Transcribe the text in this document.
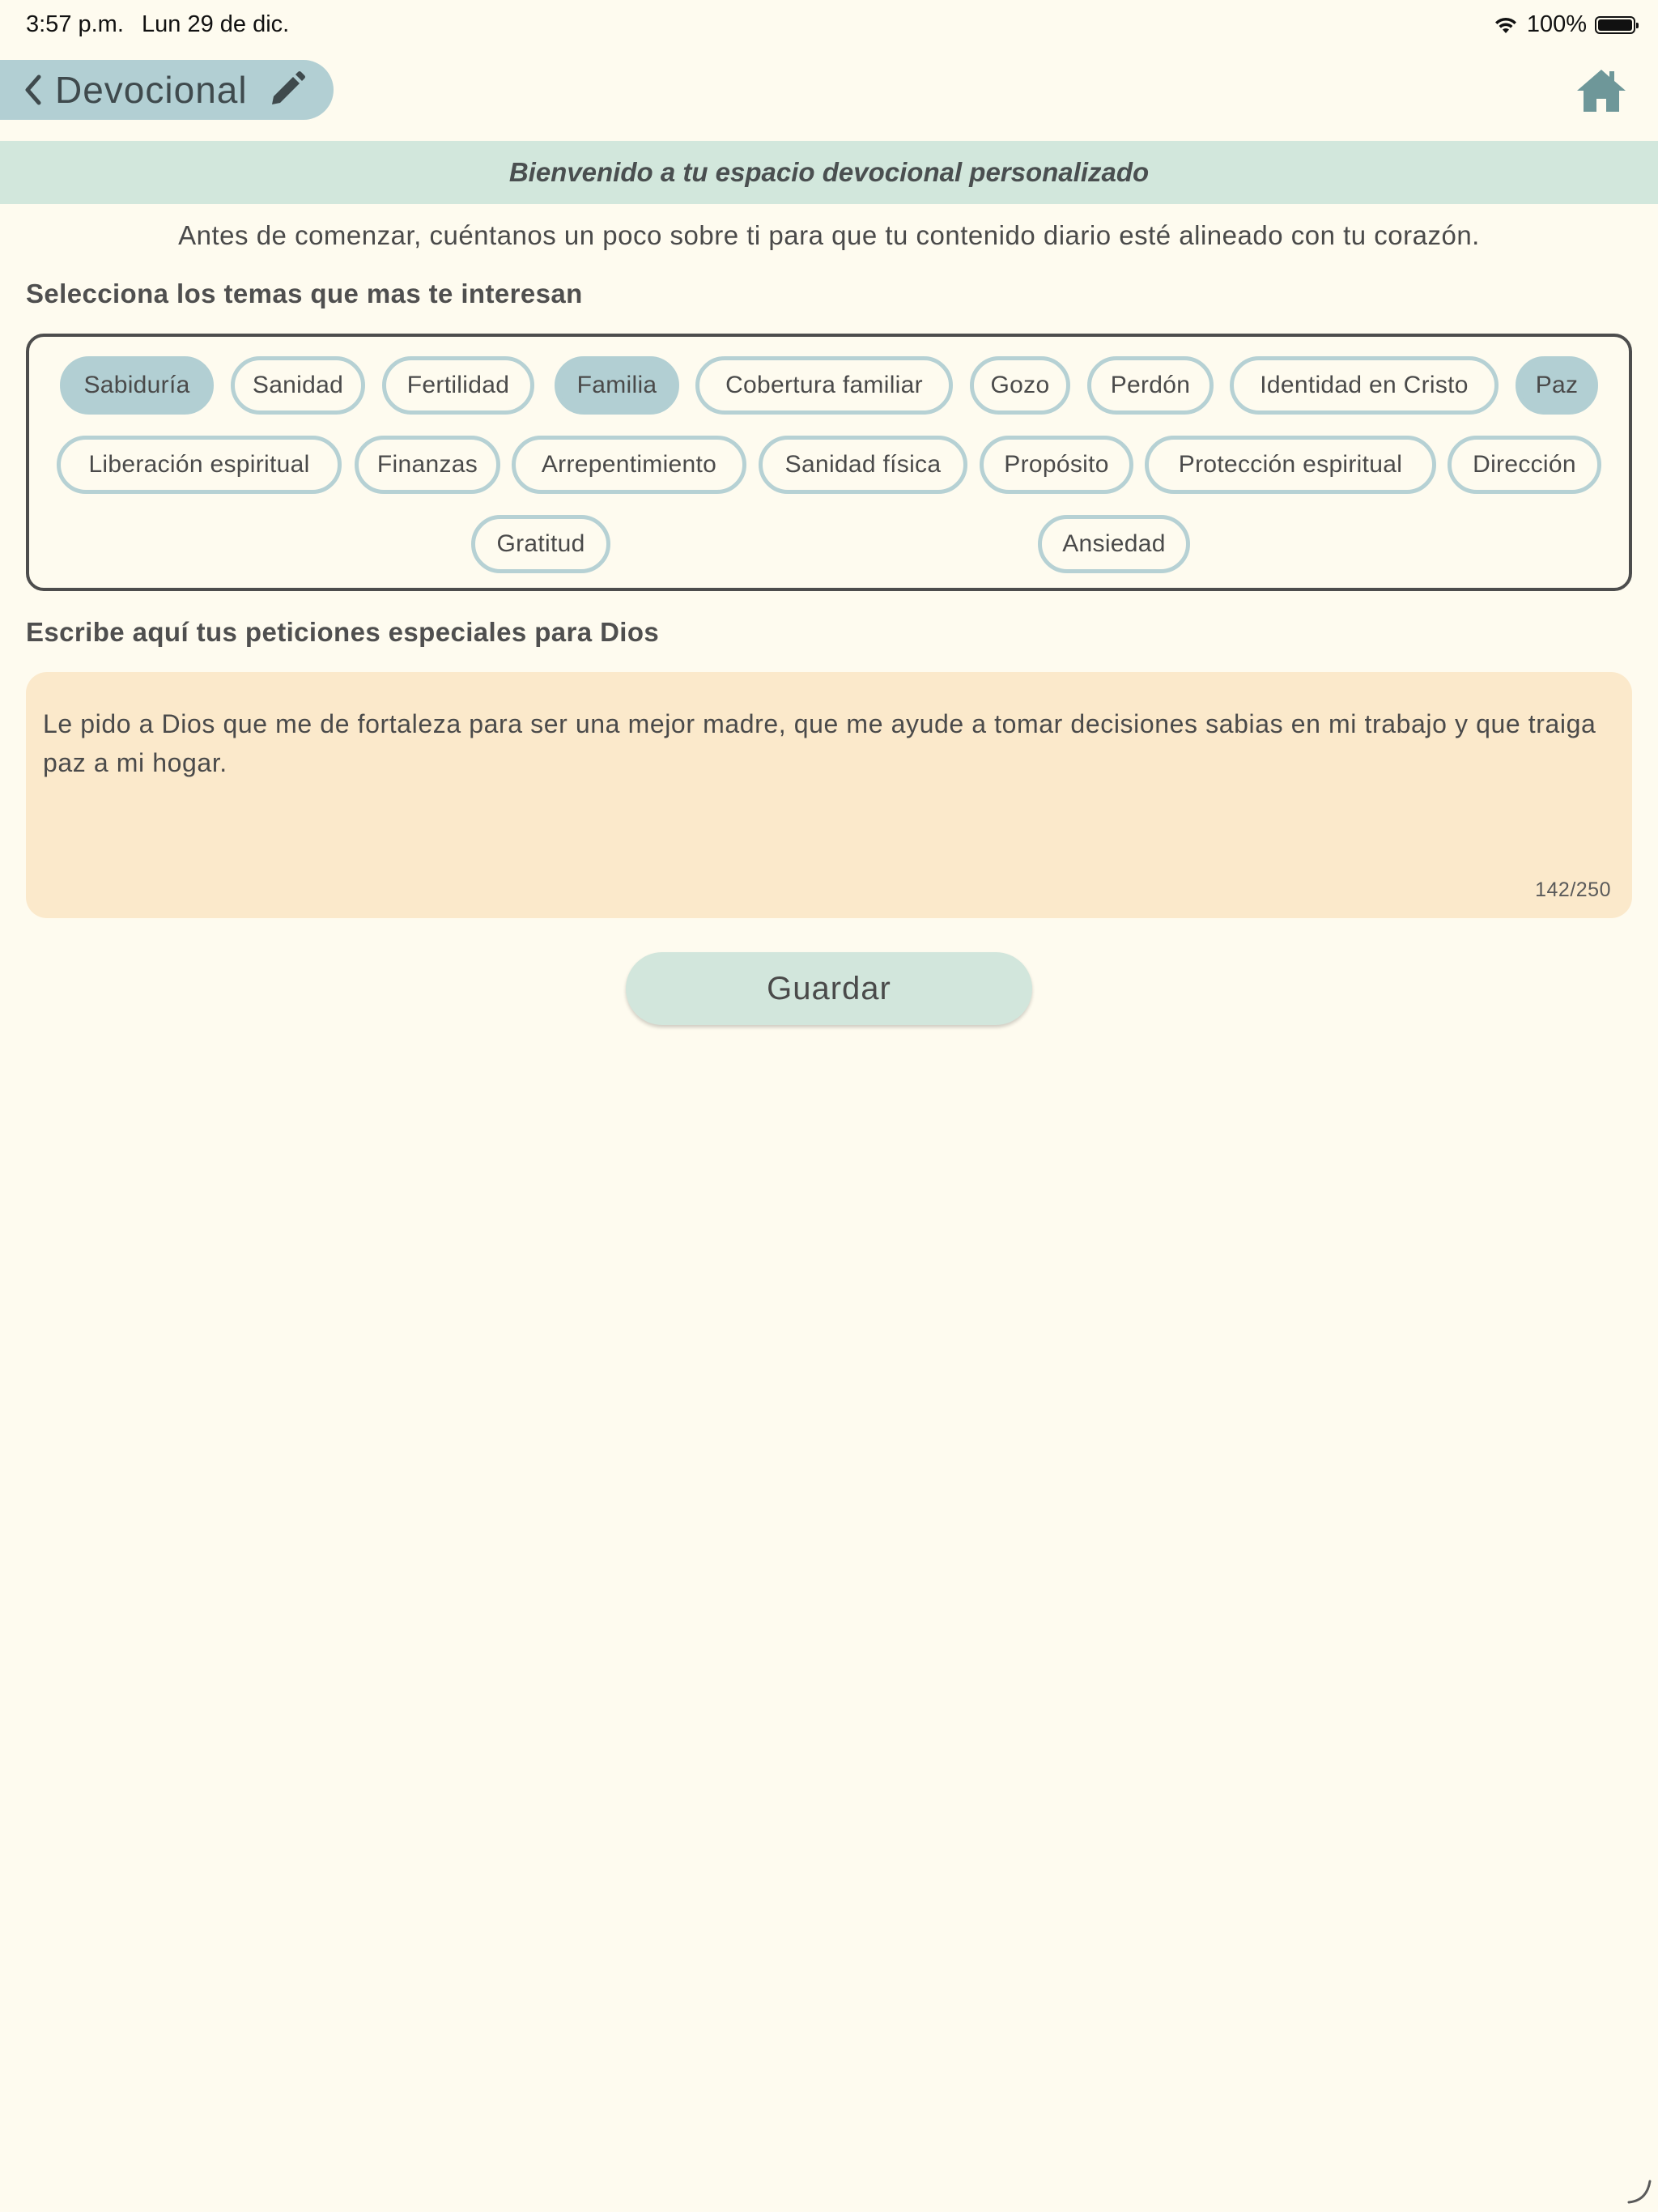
3:57 p.m. Lun 29 de dic.	100%
Devocional
Bienvenido a tu espacio devocional personalizado
Antes de comenzar, cuéntanos un poco sobre ti para que tu contenido diario esté alineado con tu corazón.
Selecciona los temas que mas te interesan
Sabiduría	Sanidad	Fertilidad	Familia	Cobertura familiar	Gozo	Perdón	Identidad en Cristo	Paz
Liberación espiritual	Finanzas	Arrepentimiento	Sanidad física	Propósito	Protección espiritual	Dirección
Gratitud	Ansiedad
Escribe aquí tus peticiones especiales para Dios
Le pido a Dios que me de fortaleza para ser una mejor madre, que me ayude a tomar decisiones sabias en mi trabajo y que traiga paz a mi hogar.
142/250
Guardar
